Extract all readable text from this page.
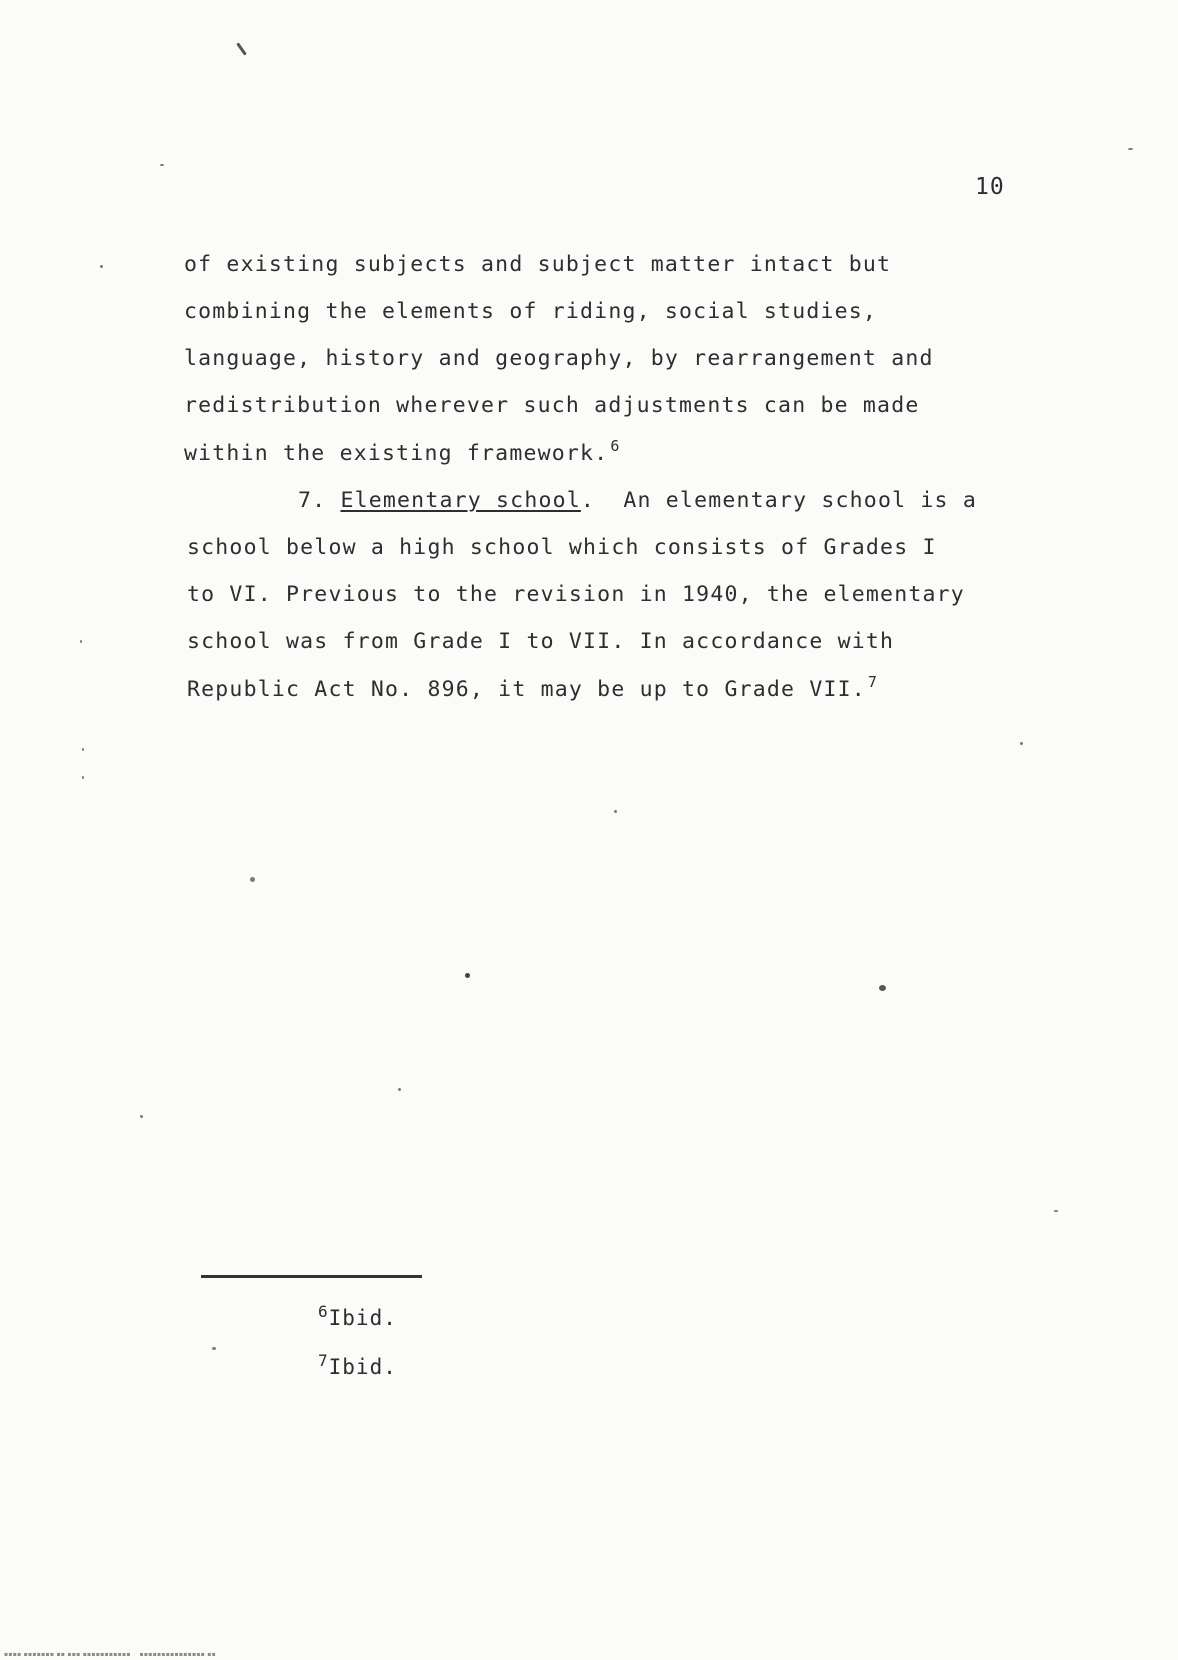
10
of existing subjects and subject matter intact but
combining the elements of riding, social studies,
language, history and geography, by rearrangement and
redistribution wherever such adjustments can be made
within the existing framework. $^6$
7. Elementary school. An elementary school is a
school below a high school which consists of Grades I
to VI. Previous to the revision in 1940, the elementary
school was from Grade I to VII. In accordance with
Republic Act No. 896, it may be up to Grade VII. $^7$
$^6$Ibid.
$^7$Ibid.
▪▪▪▪ ▪▪▪▪▪▪▪ ▪▪ ▪▪▪ ▪▪▪▪▪▪▪▪▪▪▪    ▪▪▪▪▪▪▪▪▪▪▪▪▪▪▪ ▪▪
